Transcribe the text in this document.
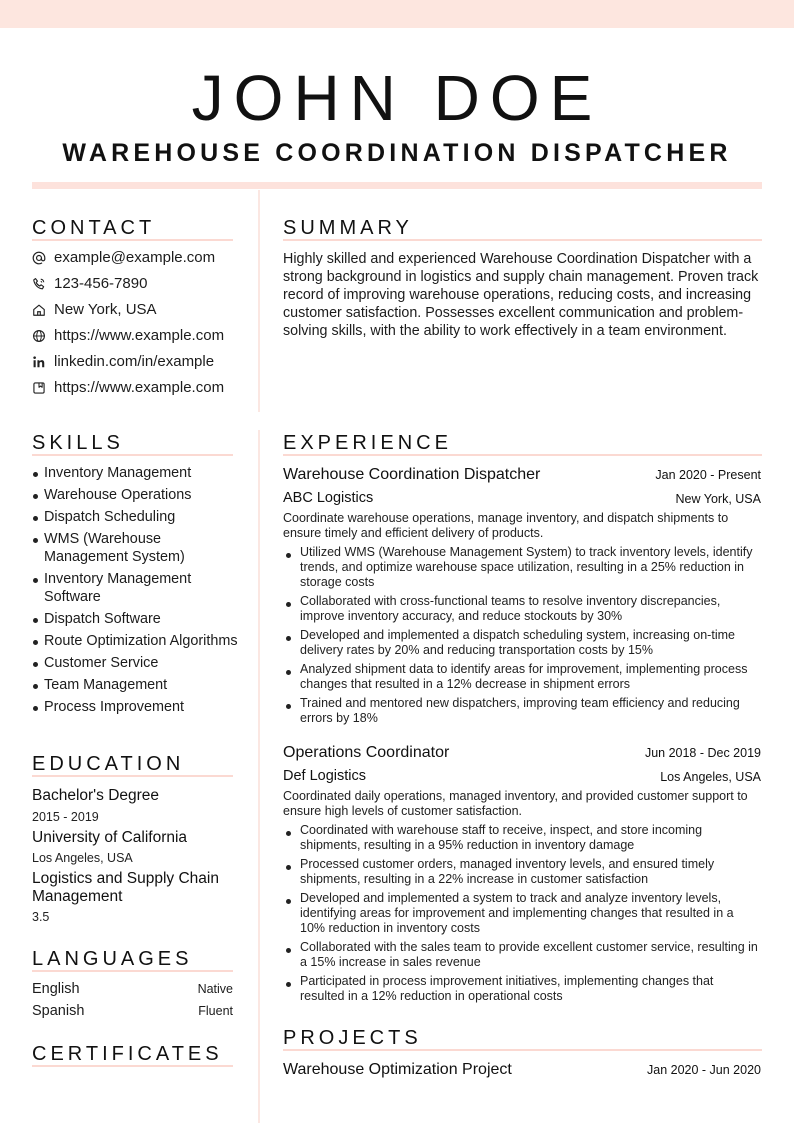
JOHN DOE
WAREHOUSE COORDINATION DISPATCHER
CONTACT
example@example.com
123-456-7890
New York, USA
https://www.example.com
linkedin.com/in/example
https://www.example.com
SUMMARY
Highly skilled and experienced Warehouse Coordination Dispatcher with a strong background in logistics and supply chain management. Proven track record of improving warehouse operations, reducing costs, and increasing customer satisfaction. Possesses excellent communication and problem-solving skills, with the ability to work effectively in a team environment.
SKILLS
Inventory Management
Warehouse Operations
Dispatch Scheduling
WMS (Warehouse Management System)
Inventory Management Software
Dispatch Software
Route Optimization Algorithms
Customer Service
Team Management
Process Improvement
EDUCATION
Bachelor's Degree
2015 - 2019
University of California
Los Angeles, USA
Logistics and Supply Chain Management
3.5
LANGUAGES
English	Native
Spanish	Fluent
CERTIFICATES
EXPERIENCE
Warehouse Coordination Dispatcher	Jan 2020 - Present
ABC Logistics	New York, USA
Coordinate warehouse operations, manage inventory, and dispatch shipments to ensure timely and efficient delivery of products.
Utilized WMS (Warehouse Management System) to track inventory levels, identify trends, and optimize warehouse space utilization, resulting in a 25% reduction in storage costs
Collaborated with cross-functional teams to resolve inventory discrepancies, improve inventory accuracy, and reduce stockouts by 30%
Developed and implemented a dispatch scheduling system, increasing on-time delivery rates by 20% and reducing transportation costs by 15%
Analyzed shipment data to identify areas for improvement, implementing process changes that resulted in a 12% decrease in shipment errors
Trained and mentored new dispatchers, improving team efficiency and reducing errors by 18%
Operations Coordinator	Jun 2018 - Dec 2019
Def Logistics	Los Angeles, USA
Coordinated daily operations, managed inventory, and provided customer support to ensure high levels of customer satisfaction.
Coordinated with warehouse staff to receive, inspect, and store incoming shipments, resulting in a 95% reduction in inventory damage
Processed customer orders, managed inventory levels, and ensured timely shipments, resulting in a 22% increase in customer satisfaction
Developed and implemented a system to track and analyze inventory levels, identifying areas for improvement and implementing changes that resulted in a 10% reduction in inventory costs
Collaborated with the sales team to provide excellent customer service, resulting in a 15% increase in sales revenue
Participated in process improvement initiatives, implementing changes that resulted in a 12% reduction in operational costs
PROJECTS
Warehouse Optimization Project	Jan 2020 - Jun 2020
